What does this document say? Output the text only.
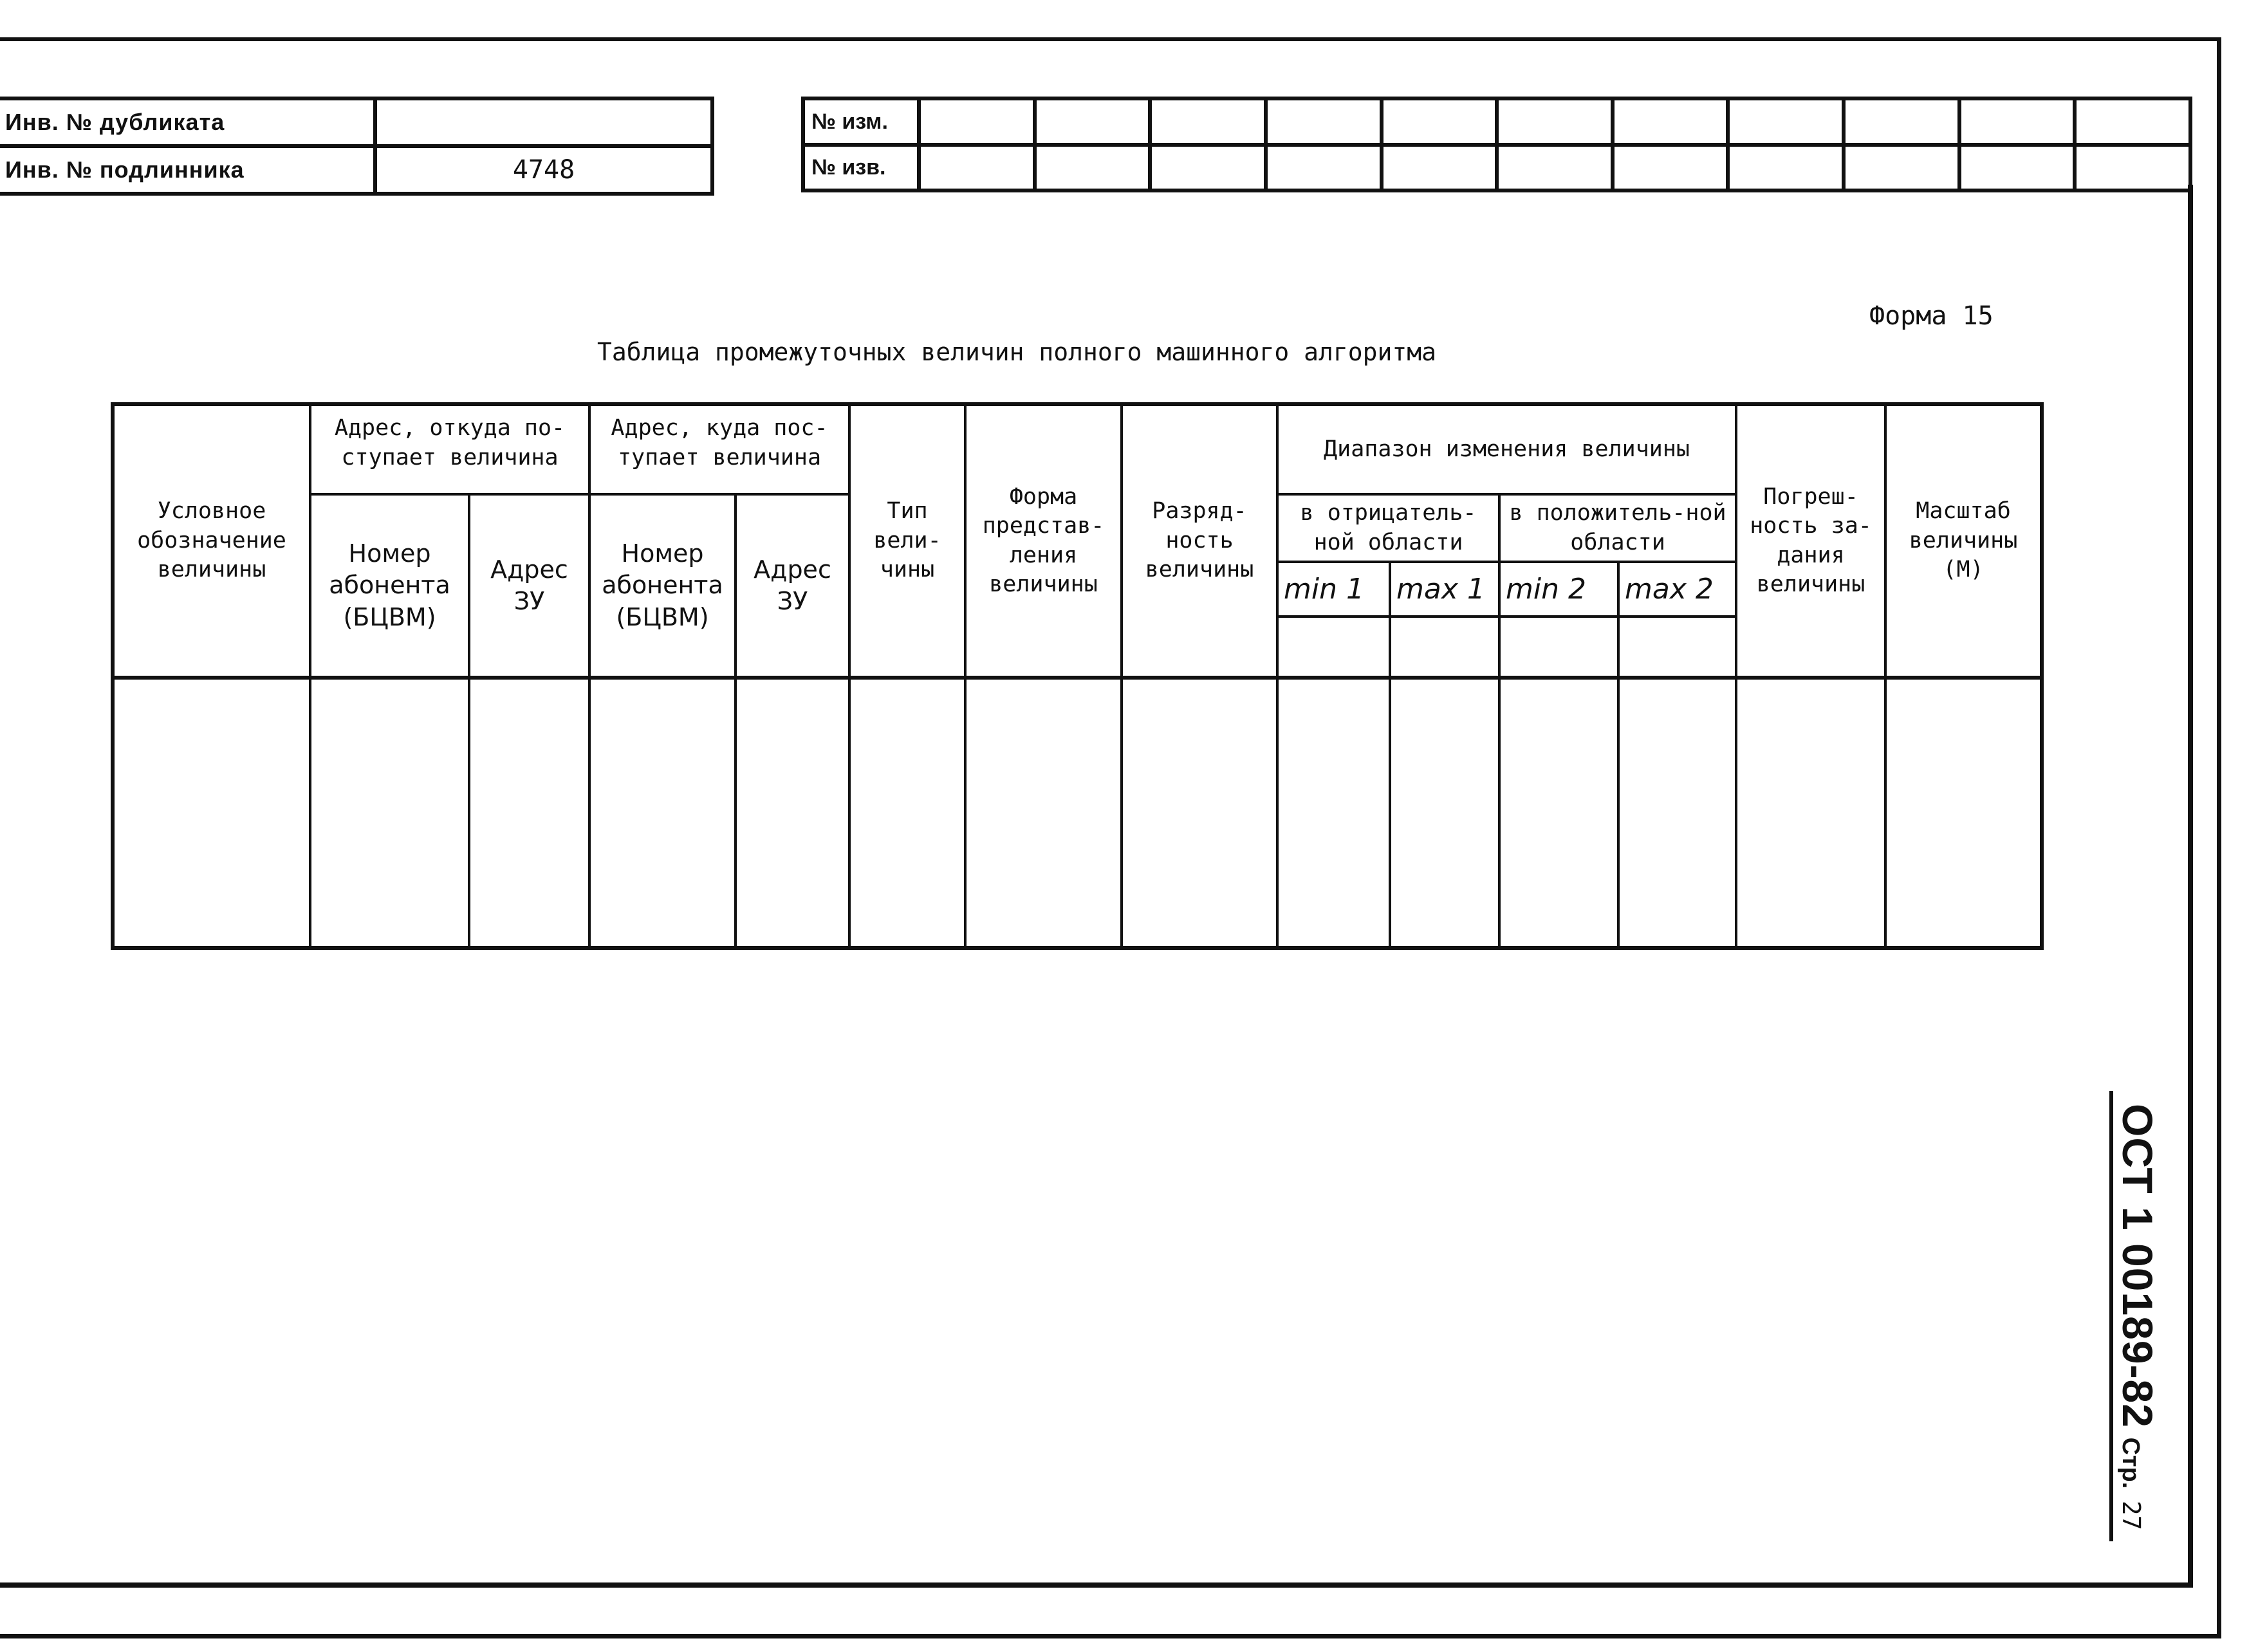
Инв. № дубликата	
Инв. № подлинника	4748
№ изм.											
№ изв.											
Форма 15
Таблица промежуточных величин полного машинного алгоритма
Условное обозначение величины	Адрес, откуда по-ступает величина		Адрес, куда пос-тупает величина		Тип вели-чины	Форма представ-ления величины	Разряд-ность величины	Диапазон изменения величины				Погреш-ность за-дания величины	Масштаб величины (M)
	Номер абонента (БЦВМ)	Адрес ЗУ	Номер абонента (БЦВМ)	Адрес ЗУ				в отрицатель-ной области		в положитель-ной области			
								min 1	max 1	min 2	max 2		

ОСТ 1 00189-82 Стр. 27
